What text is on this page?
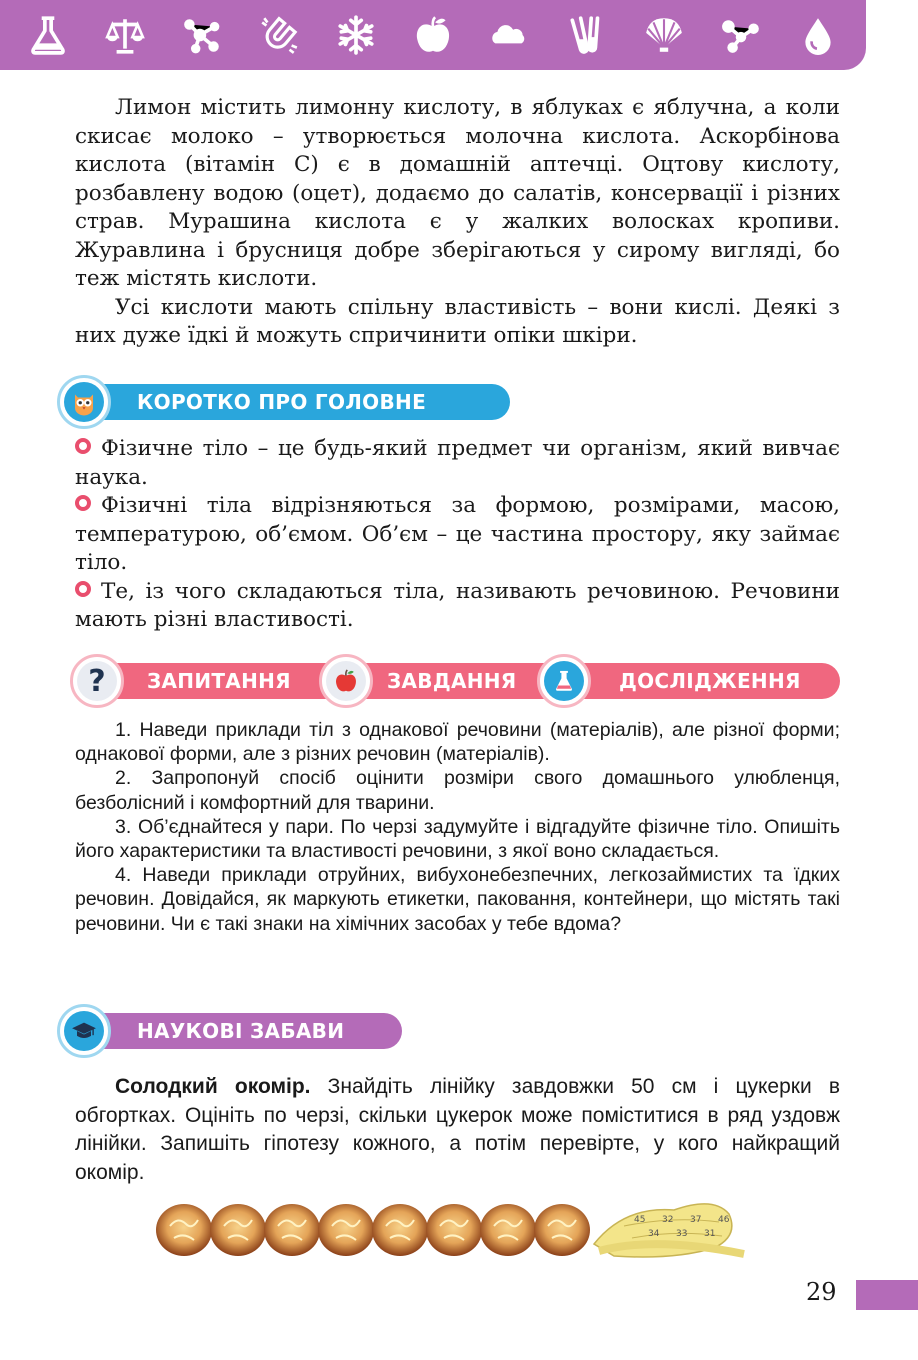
Лимон містить лимонну кислоту, в яблуках є яблучна, а коли скисає молоко – утворюється молочна кислота. Аскорбінова кислота (вітамін С) є в домашній аптечці. Оцтову кислоту, розбавлену водою (оцет), додаємо до салатів, консервації і різних страв. Мурашина кислота є у жалких волосках кропиви. Журавлина і брусниця добре зберігаються у сирому вигляді, бо теж містять кислоти.

Усі кислоти мають спільну властивість – вони кислі. Деякі з них дуже їдкі й можуть спричинити опіки шкіри.

КОРОТКО ПРО ГОЛОВНЕ

Фізичне тіло – це будь-який предмет чи організм, який вивчає наука.

Фізичні тіла відрізняються за формою, розмірами, масою, температурою, об’ємом. Об’єм – це частина простору, яку займає тіло.

Те, із чого складаються тіла, називають речовиною. Речовини мають різні властивості.

ЗАПИТАННЯ	ЗАВДАННЯ	ДОСЛІДЖЕННЯ
?

1. Наведи приклади тіл з однакової речовини (матеріалів), але різної форми; однакової форми, але з різних речовин (матеріалів).

2. Запропонуй спосіб оцінити розміри свого домашнього улюбленця, безболісний і комфортний для тварини.

3. Об’єднайтеся у пари. По черзі задумуйте і відгадуйте фізичне тіло. Опишіть його характеристики та властивості речовини, з якої воно складається.

4. Наведи приклади отруйних, вибухонебезпечних, легкозаймистих та їдких речовин. Довідайся, як маркують етикетки, паковання, контейнери, що містять такі речовини. Чи є такі знаки на хімічних засобах у тебе вдома?

НАУКОВІ ЗАБАВИ

Солодкий окомір. Знайдіть лінійку завдовжки 50 см і цукерки в обгортках. Оцініть по черзі, скільки цукерок може поміститися в ряд уздовж лінійки. Запишіть гіпотезу кожного, а потім перевірте, у кого найкращий окомір.

45
34
32
33
37
31
46
29
